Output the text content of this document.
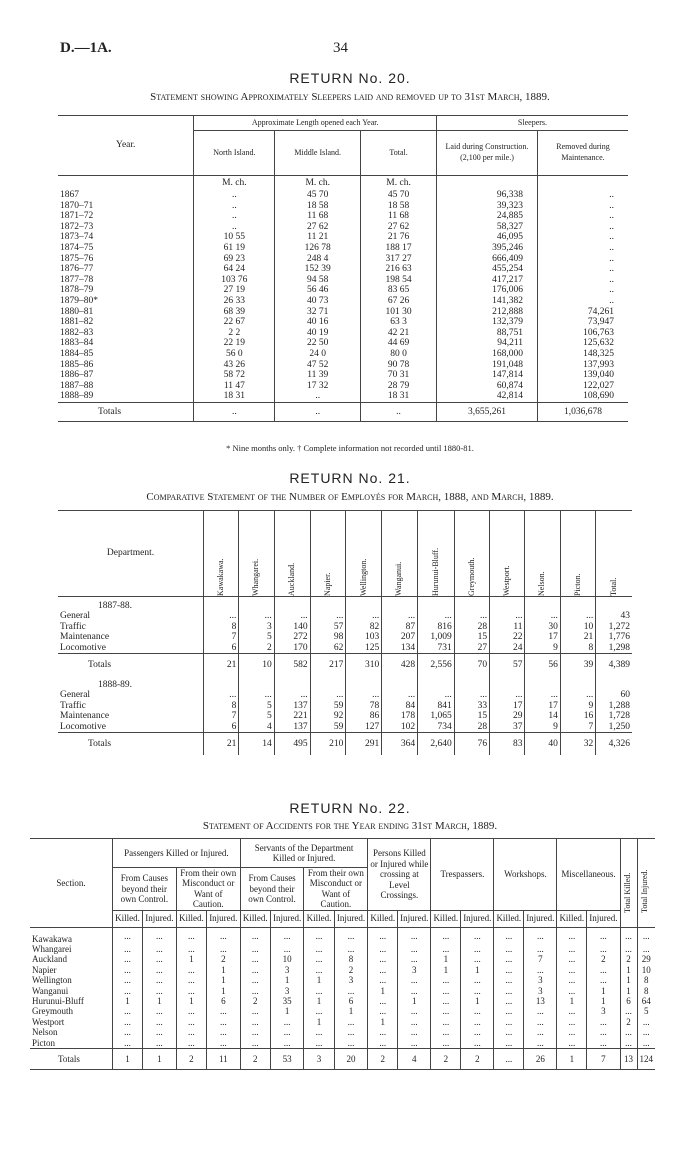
D.—1A.	34
RETURN No. 20.
Statement showing Approximately Sleepers laid and removed up to 31st March, 1889.
Year.	Approximate Length opened each Year.			Sleepers.	
	North Island.	Middle Island.	Total.	Laid during Construction. (2,100 per mile.)	Removed during Maintenance.
	M. ch.	M. ch.	M. ch.		
1867	..	45 70	45 70	96,338	..
1870–71	..	18 58	18 58	39,323	..
1871–72	..	11 68	11 68	24,885	..
1872–73	..	27 62	27 62	58,327	..
1873–74	10 55	11 21	21 76	46,095	..
1874–75	61 19	126 78	188 17	395,246	..
1875–76	69 23	248 4	317 27	666,409	..
1876–77	64 24	152 39	216 63	455,254	..
1877–78	103 76	94 58	198 54	417,217	..
1878–79	27 19	56 46	83 65	176,006	..
1879–80*	26 33	40 73	67 26	141,382	..
1880–81	68 39	32 71	101 30	212,888	74,261
1881–82	22 67	40 16	63 3	132,379	73,947
1882–83	2 2	40 19	42 21	88,751	106,763
1883–84	22 19	22 50	44 69	94,211	125,632
1884–85	56 0	24 0	80 0	168,000	148,325
1885–86	43 26	47 52	90 78	191,048	137,993
1886–87	58 72	11 39	70 31	147,814	139,040
1887–88	11 47	17 32	28 79	60,874	122,027
1888–89	18 31	..	18 31	42,814	108,690
Totals	..	..	..	3,655,261	1,036,678
* Nine months only. † Complete information not recorded until 1880-81.
RETURN No. 21.
Comparative Statement of the Number of Employés for March, 1888, and March, 1889.
Department.	Kawakawa.	Whangarei.	Auckland.	Napier.	Wellington.	Wanganui.	Hurunui-Bluff.	Greymouth.	Westport.	Nelson.	Picton.	Total.

1887-88.												
General	...	...	...	...	...	...	...	...	...	...	...	43
Traffic	8	3	140	57	82	87	816	28	11	30	10	1,272
Maintenance	7	5	272	98	103	207	1,009	15	22	17	21	1,776
Locomotive	6	2	170	62	125	134	731	27	24	9	8	1,298
Totals	21	10	582	217	310	428	2,556	70	57	56	39	4,389
1888-89.												
General	...	...	...	...	...	...	...	...	...	...	...	60
Traffic	8	5	137	59	78	84	841	33	17	17	9	1,288
Maintenance	7	5	221	92	86	178	1,065	15	29	14	16	1,728
Locomotive	6	4	137	59	127	102	734	28	37	9	7	1,250
Totals	21	14	495	210	291	364	2,640	76	83	40	32	4,326
RETURN No. 22.
Statement of Accidents for the Year ending 31st March, 1889.
Section.	Passengers Killed or Injured.				Servants of the Department Killed or Injured.				Persons Killed or Injured while crossing at Level Crossings.		Trespassers.		Workshops.		Miscellaneous.		Total Killed.	Total Injured.

	From Causes beyond their own Control.		From their own Misconduct or Want of Caution.		From Causes beyond their own Control.		From their own Misconduct or Want of Caution.											
	Killed.	Injured.	Killed.	Injured.	Killed.	Injured.	Killed.	Injured.	Killed.	Injured.	Killed.	Injured.	Killed.	Injured.	Killed.	Injured.		
Kawakawa	...	...	...	...	...	...	...	...	...	...	...	...	...	...	...	...	...	...
Whangarei	...	...	...	...	...	...	...	...	...	...	...	...	...	...	...	...	...	...
Auckland	...	...	1	2	...	10	...	8	...	...	1	...	...	7	...	2	2	29
Napier	...	...	...	1	...	3	...	2	...	3	1	1	...	...	...	...	1	10
Wellington	...	...	...	1	...	1	1	3	...	...	...	...	...	3	...	...	1	8
Wanganui	...	...	...	1	...	3	...	...	1	...	...	...	...	3	...	1	1	8
Hurunui-Bluff	1	1	1	6	2	35	1	6	...	1	...	1	...	13	1	1	6	64
Greymouth	...	...	...	...	...	1	...	1	...	...	...	...	...	...	...	3	...	5
Westport	...	...	...	...	...	...	1	...	1	...	...	...	...	...	...	...	2	...
Nelson	...	...	...	...	...	...	...	...	...	...	...	...	...	...	...	...	...	...
Picton	...	...	...	...	...	...	...	...	...	...	...	...	...	...	...	...	...	...
Totals	1	1	2	11	2	53	3	20	2	4	2	2	...	26	1	7	13	124
